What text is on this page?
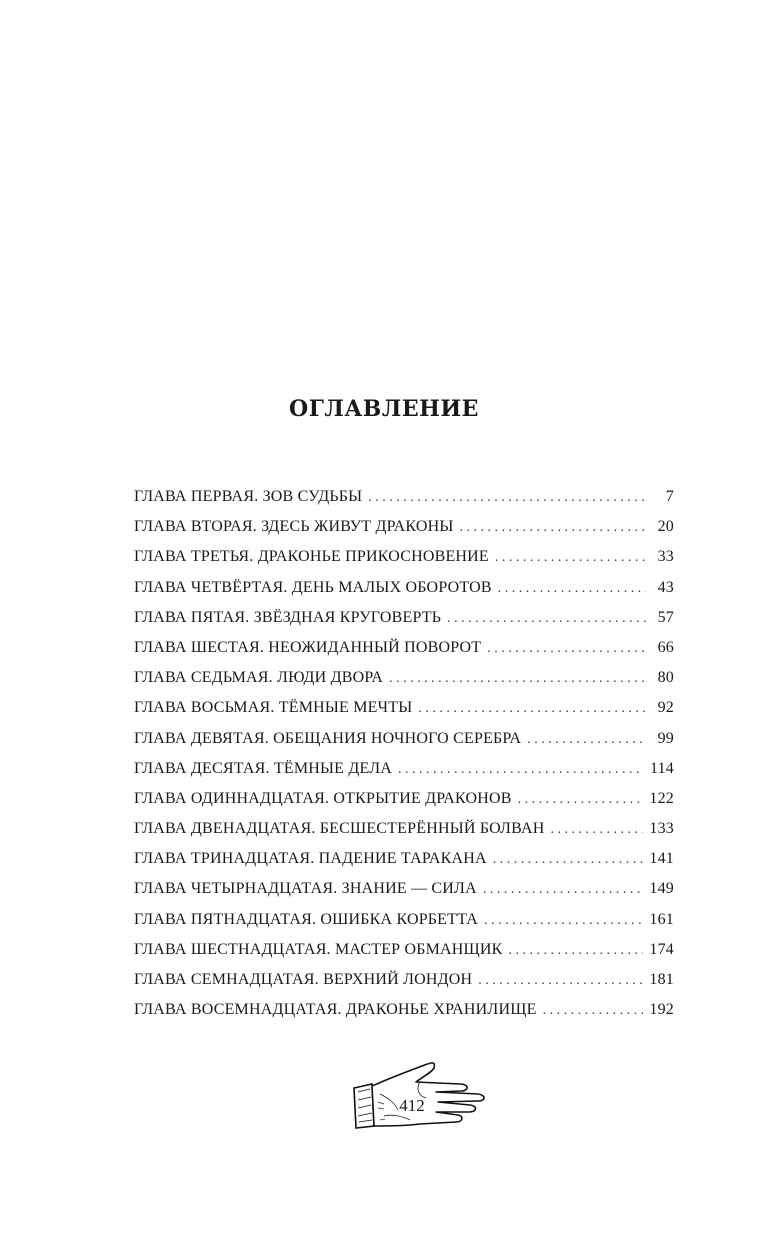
ОГЛАВЛЕНИЕ
ГЛАВА ПЕРВАЯ. ЗОВ СУДЬБЫ . . .	7
ГЛАВА ВТОРАЯ. ЗДЕСЬ ЖИВУТ ДРАКОНЫ . . .	20
ГЛАВА ТРЕТЬЯ. ДРАКОНЬЕ ПРИКОСНОВЕНИЕ . . .	33
ГЛАВА ЧЕТВЁРТАЯ. ДЕНЬ МАЛЫХ ОБОРОТОВ . . .	43
ГЛАВА ПЯТАЯ. ЗВЁЗДНАЯ КРУГОВЕРТЬ . . .	57
ГЛАВА ШЕСТАЯ. НЕОЖИДАННЫЙ ПОВОРОТ . . .	66
ГЛАВА СЕДЬМАЯ. ЛЮДИ ДВОРА . . .	80
ГЛАВА ВОСЬМАЯ. ТЁМНЫЕ МЕЧТЫ . . .	92
ГЛАВА ДЕВЯТАЯ. ОБЕЩАНИЯ НОЧНОГО СЕРЕБРА . . .	99
ГЛАВА ДЕСЯТАЯ. ТЁМНЫЕ ДЕЛА . . .	114
ГЛАВА ОДИННАДЦАТАЯ. ОТКРЫТИЕ ДРАКОНОВ . . .	122
ГЛАВА ДВЕНАДЦАТАЯ. БЕСШЕСТЕРЁННЫЙ БОЛВАН . . .	133
ГЛАВА ТРИНАДЦАТАЯ. ПАДЕНИЕ ТАРАКАНА . . .	141
ГЛАВА ЧЕТЫРНАДЦАТАЯ. ЗНАНИЕ — СИЛА . . .	149
ГЛАВА ПЯТНАДЦАТАЯ. ОШИБКА КОРБЕТТА . . .	161
ГЛАВА ШЕСТНАДЦАТАЯ. МАСТЕР ОБМАНЩИК . . .	174
ГЛАВА СЕМНАДЦАТАЯ. ВЕРХНИЙ ЛОНДОН . . .	181
ГЛАВА ВОСЕМНАДЦАТАЯ. ДРАКОНЬЕ ХРАНИЛИЩЕ . . .	192
412
